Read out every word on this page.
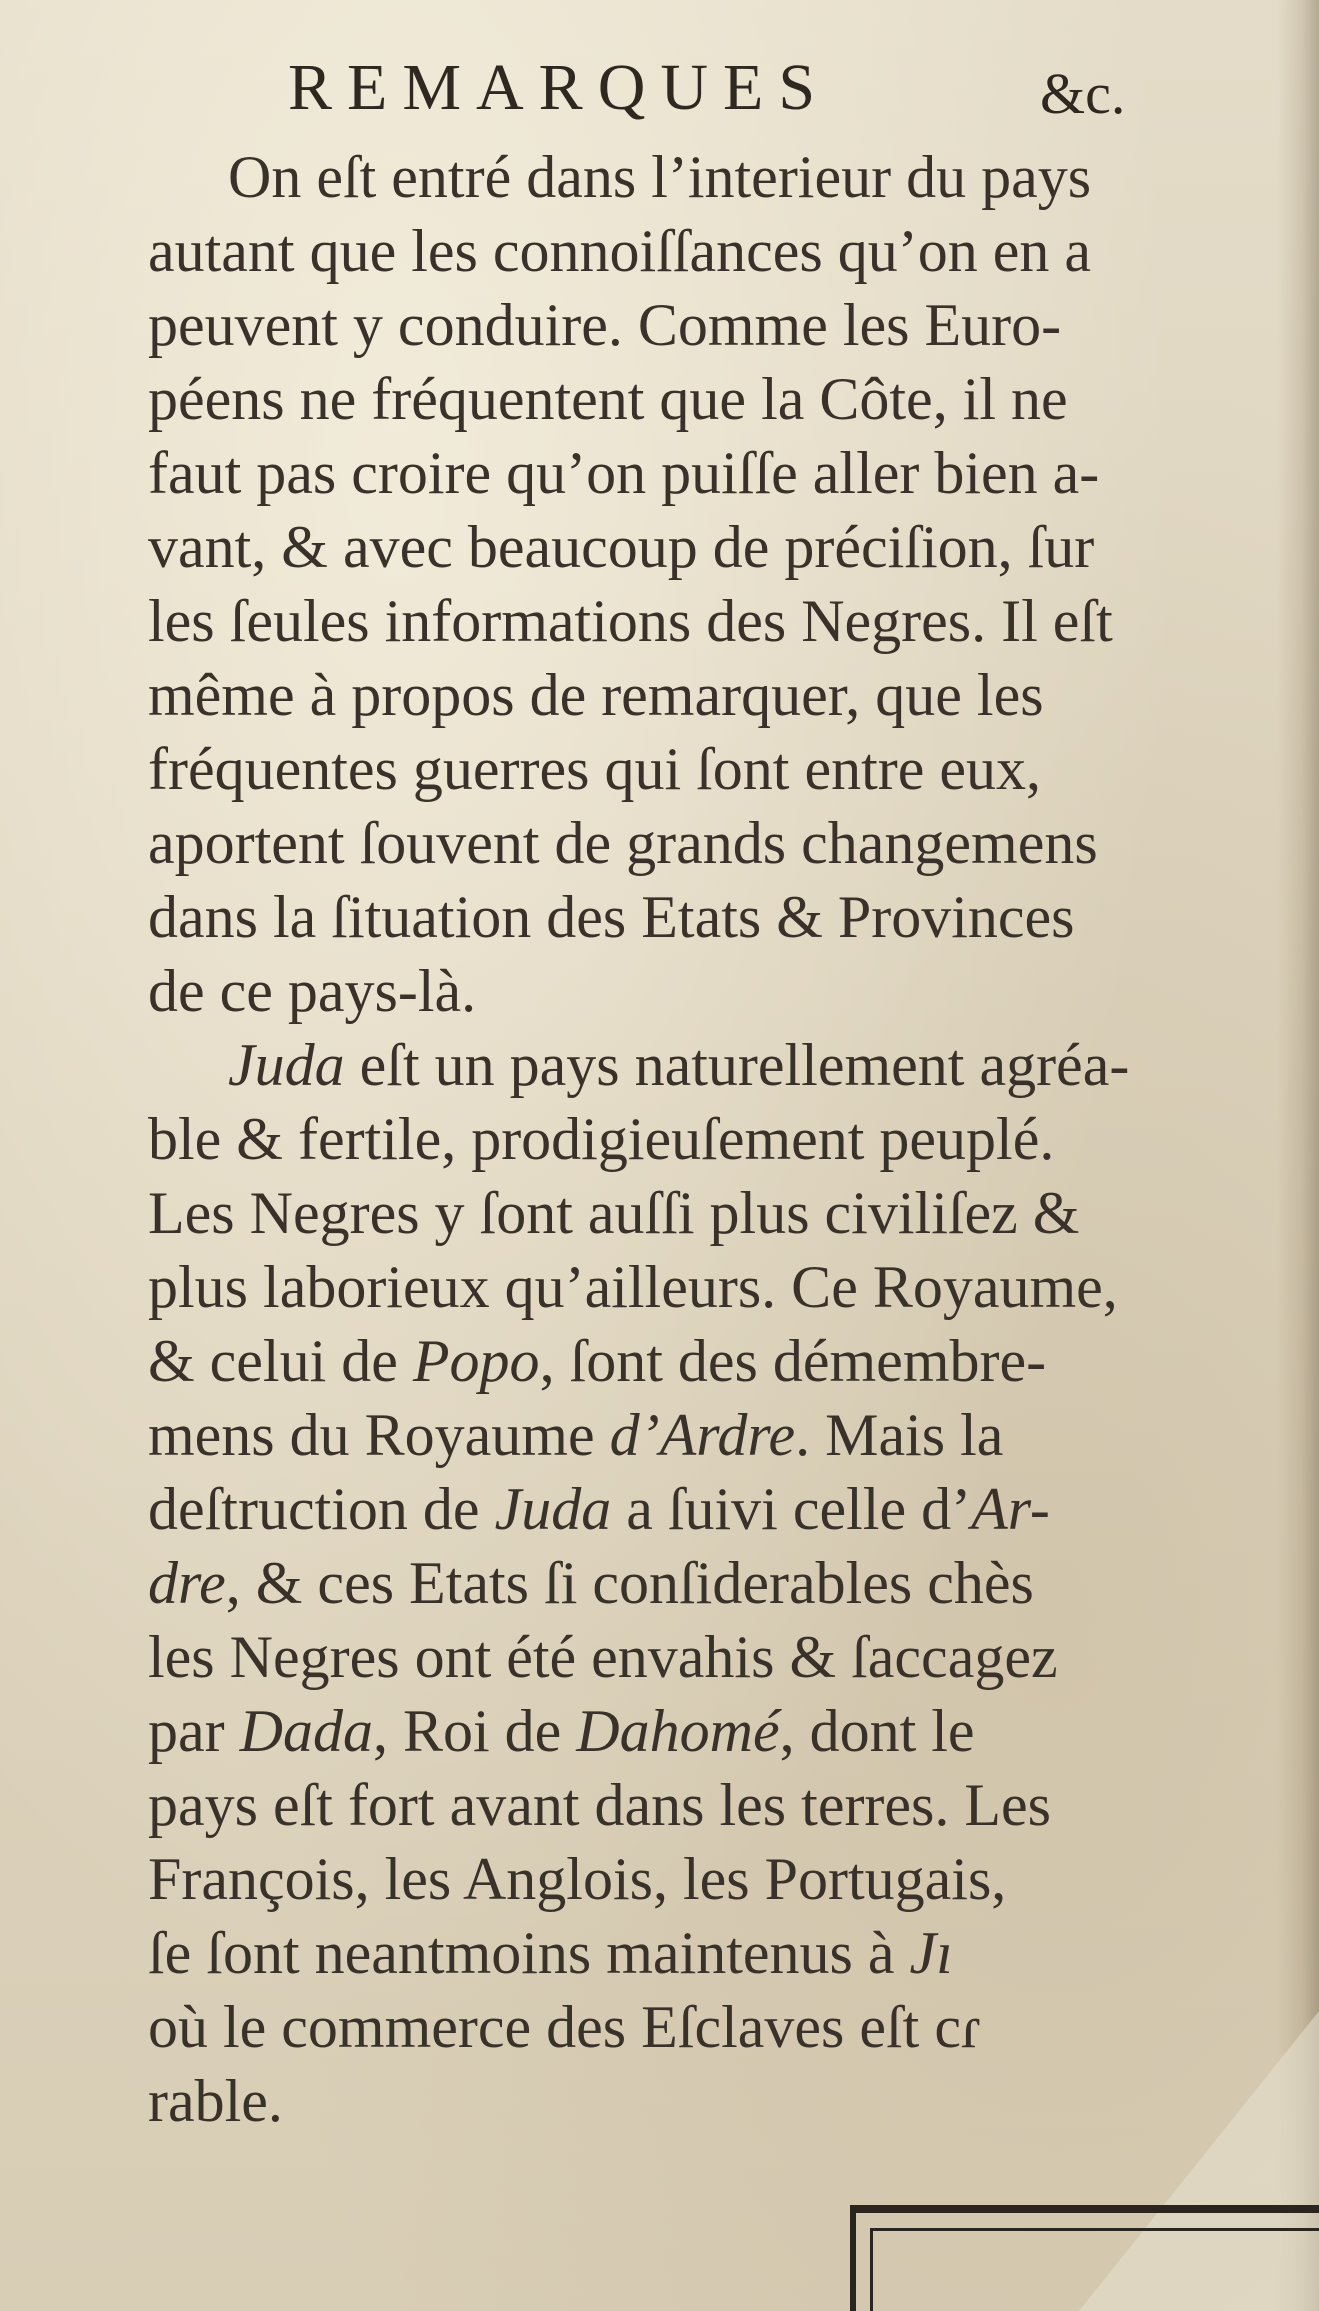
REMARQUES	&c.
On eſt entré dans l’interieur du pays
autant que les connoiſſances qu’on en a
peuvent y conduire. Comme les Euro-
péens ne fréquentent que la Côte, il ne
faut pas croire qu’on puiſſe aller bien a-
vant, & avec beaucoup de préciſion, ſur
les ſeules informations des Negres. Il eſt
même à propos de remarquer, que les
fréquentes guerres qui ſont entre eux,
aportent ſouvent de grands changemens
dans la ſituation des Etats & Provinces
de ce pays-là.
Juda eſt un pays naturellement agréa-
ble & fertile, prodigieuſement peuplé.
Les Negres y ſont auſſi plus civiliſez &
plus laborieux qu’ailleurs. Ce Royaume,
& celui de Popo, ſont des démembre-
mens du Royaume d’Ardre. Mais la
deſtruction de Juda a ſuivi celle d’Ar-
dre, & ces Etats ſi conſiderables chès
les Negres ont été envahis & ſaccagez
par Dada, Roi de Dahomé, dont le
pays eſt fort avant dans les terres. Les
François, les Anglois, les Portugais,
ſe ſont neantmoins maintenus à Jı
où le commerce des Eſclaves eſt cɾ
rable.
